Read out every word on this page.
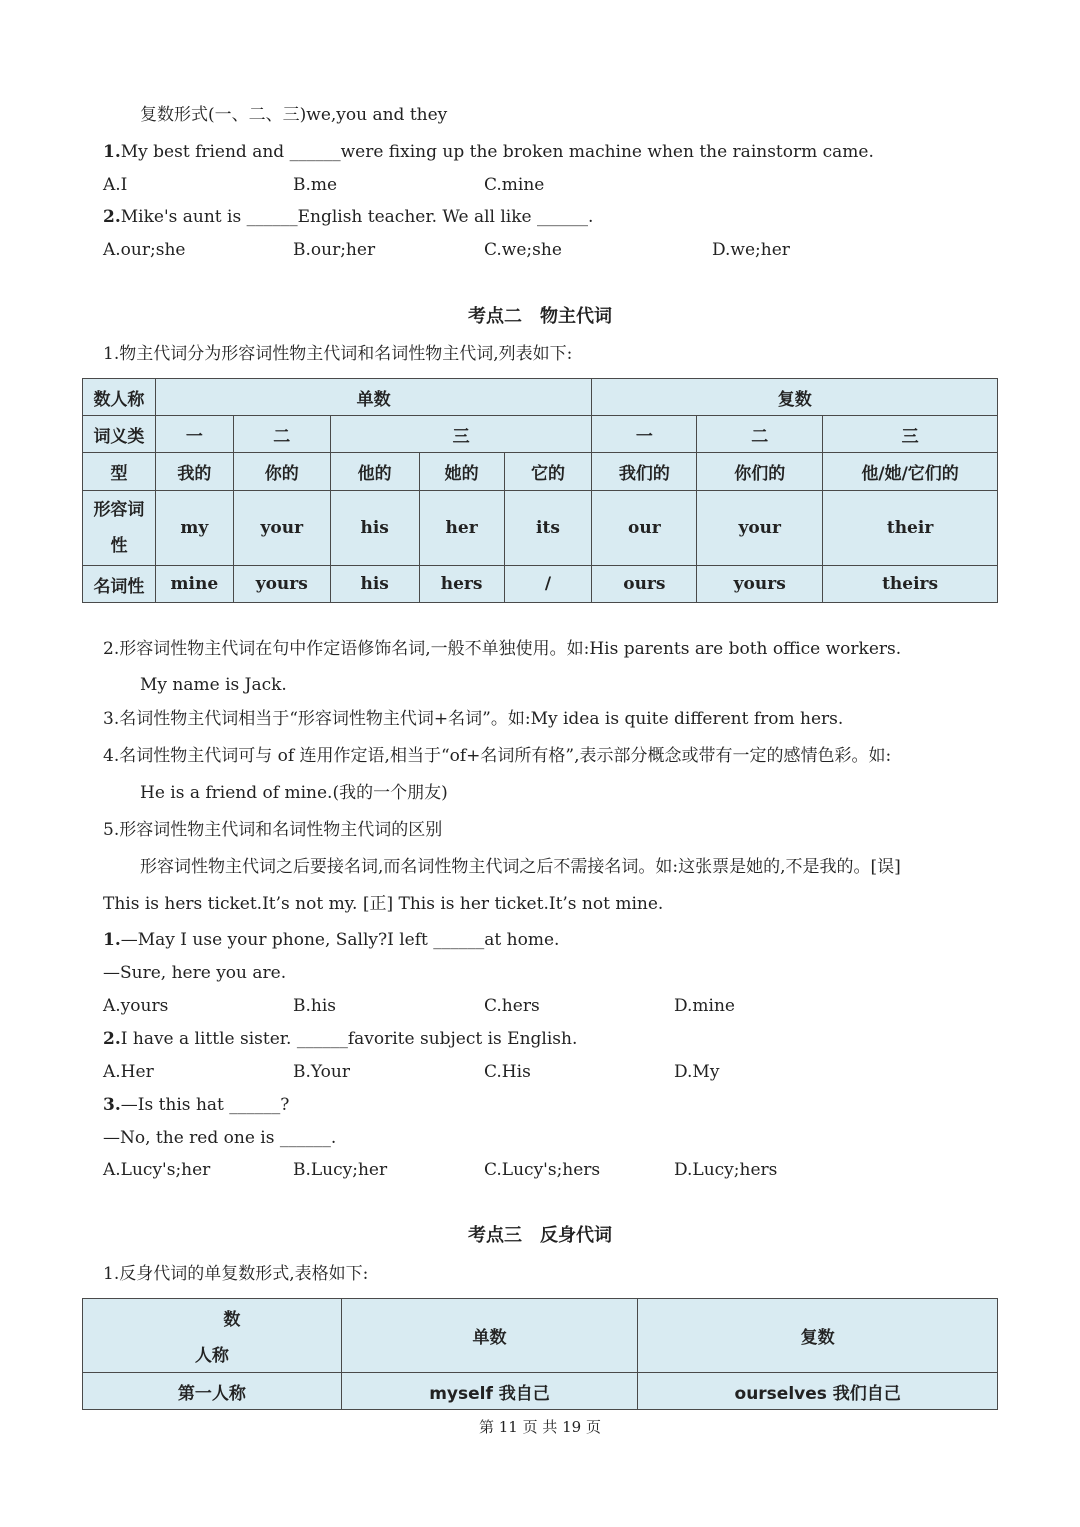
复数形式(一、二、三)we,you and they
1.My best friend and ______were fixing up the broken machine when the rainstorm came.
A.I	B.me	C.mine
2.Mike's aunt is ______English teacher. We all like ______.
A.our;she	B.our;her	C.we;she	D.we;her
考点二　物主代词
1.物主代词分为形容词性物主代词和名词性物主代词,列表如下:
数人称	单数					复数		
词义类	一	二	三			一	二	三
型	我的	你的	他的	她的	它的	我们的	你们的	他/她/它们的

形容词
性	my	your	his	her	its	our	your	their
名词性	mine	yours	his	hers	/	ours	yours	theirs
2.形容词性物主代词在句中作定语修饰名词,一般不单独使用。如:His parents are both office workers.
My name is Jack.
3.名词性物主代词相当于“形容词性物主代词+名词”。如:My idea is quite different from hers.
4.名词性物主代词可与 of 连用作定语,相当于“of+名词所有格”,表示部分概念或带有一定的感情色彩。如:
He is a friend of mine.(我的一个朋友)
5.形容词性物主代词和名词性物主代词的区别
形容词性物主代词之后要接名词,而名词性物主代词之后不需接名词。如:这张票是她的,不是我的。[误]
This is hers ticket.It’s not my. [正] This is her ticket.It’s not mine.
1.—May I use your phone, Sally?I left ______at home.
—Sure, here you are.
A.yours	B.his	C.hers	D.mine
2.I have a little sister. ______favorite subject is English.
A.Her	B.Your	C.His	D.My
3.—Is this hat ______?
—No, the red one is ______.
A.Lucy's;her	B.Lucy;her	C.Lucy's;hers	D.Lucy;hers
考点三　反身代词
1.反身代词的单复数形式,表格如下:
数
人称	单数	复数
第一人称	myself 我自己	ourselves 我们自己
第 11 页 共 19 页
